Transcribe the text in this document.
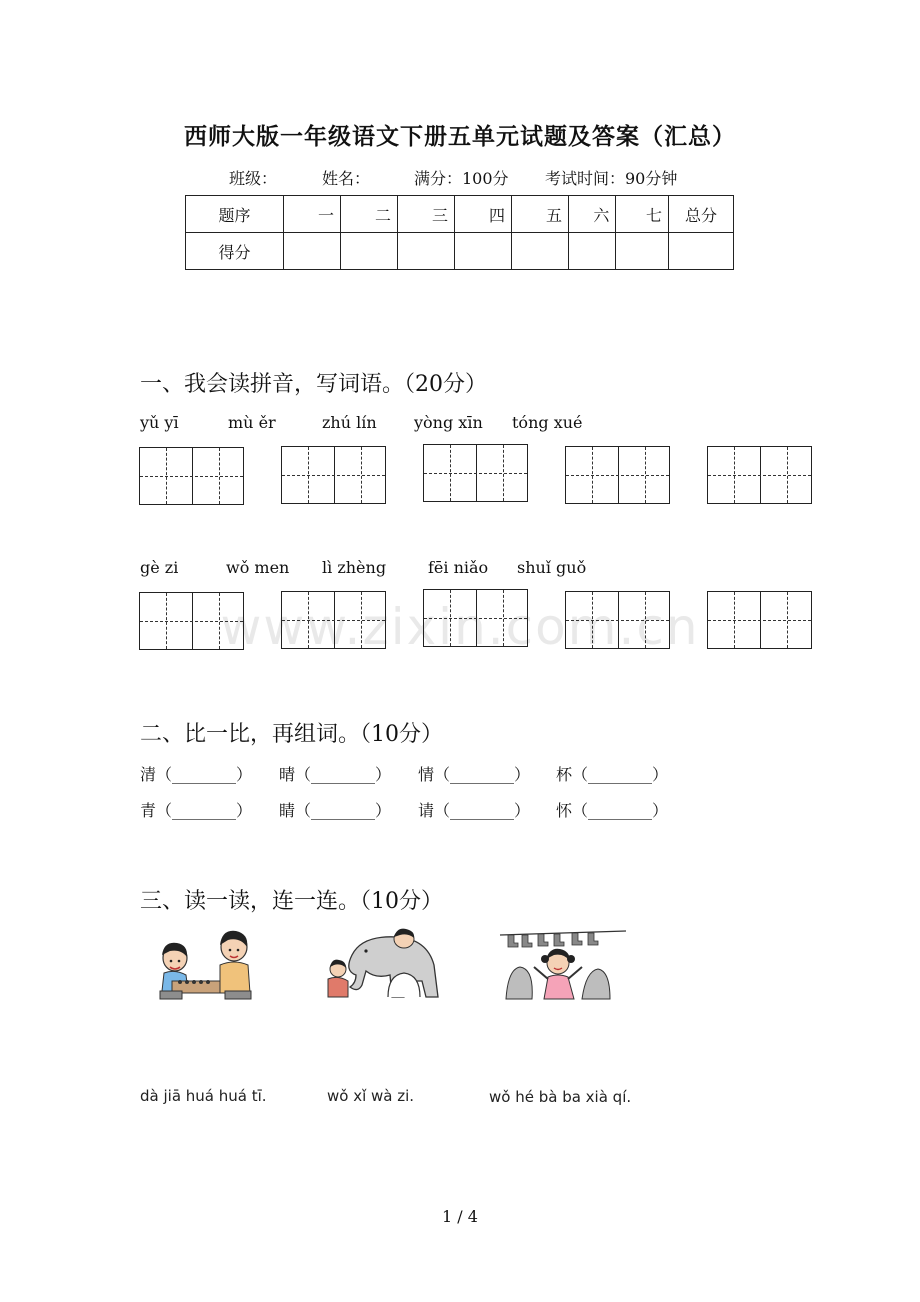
西师大版一年级语文下册五单元试题及答案（汇总）
班级：	姓名：	满分：100分 考试时间：90分钟
题序	一	二	三	四	五	六	七	总分
得分								
一、我会读拼音，写词语。（20分）
yǔ yī	mù ěr	zhú lín yòng xīn tóng xué
gè zi	wǒ men lì zhèng	fēi niǎo shuǐ guǒ
www.zixin.com.cn
二、比一比，再组词。（10分）
清（________） 晴（________） 情（________） 杯（________）
青（________） 睛（________） 请（________） 怀（________）
三、读一读，连一连。（10分）
dà jiā huá huá tī.	wǒ xǐ wà zi.	wǒ hé bà ba xià qí.
1 / 4
